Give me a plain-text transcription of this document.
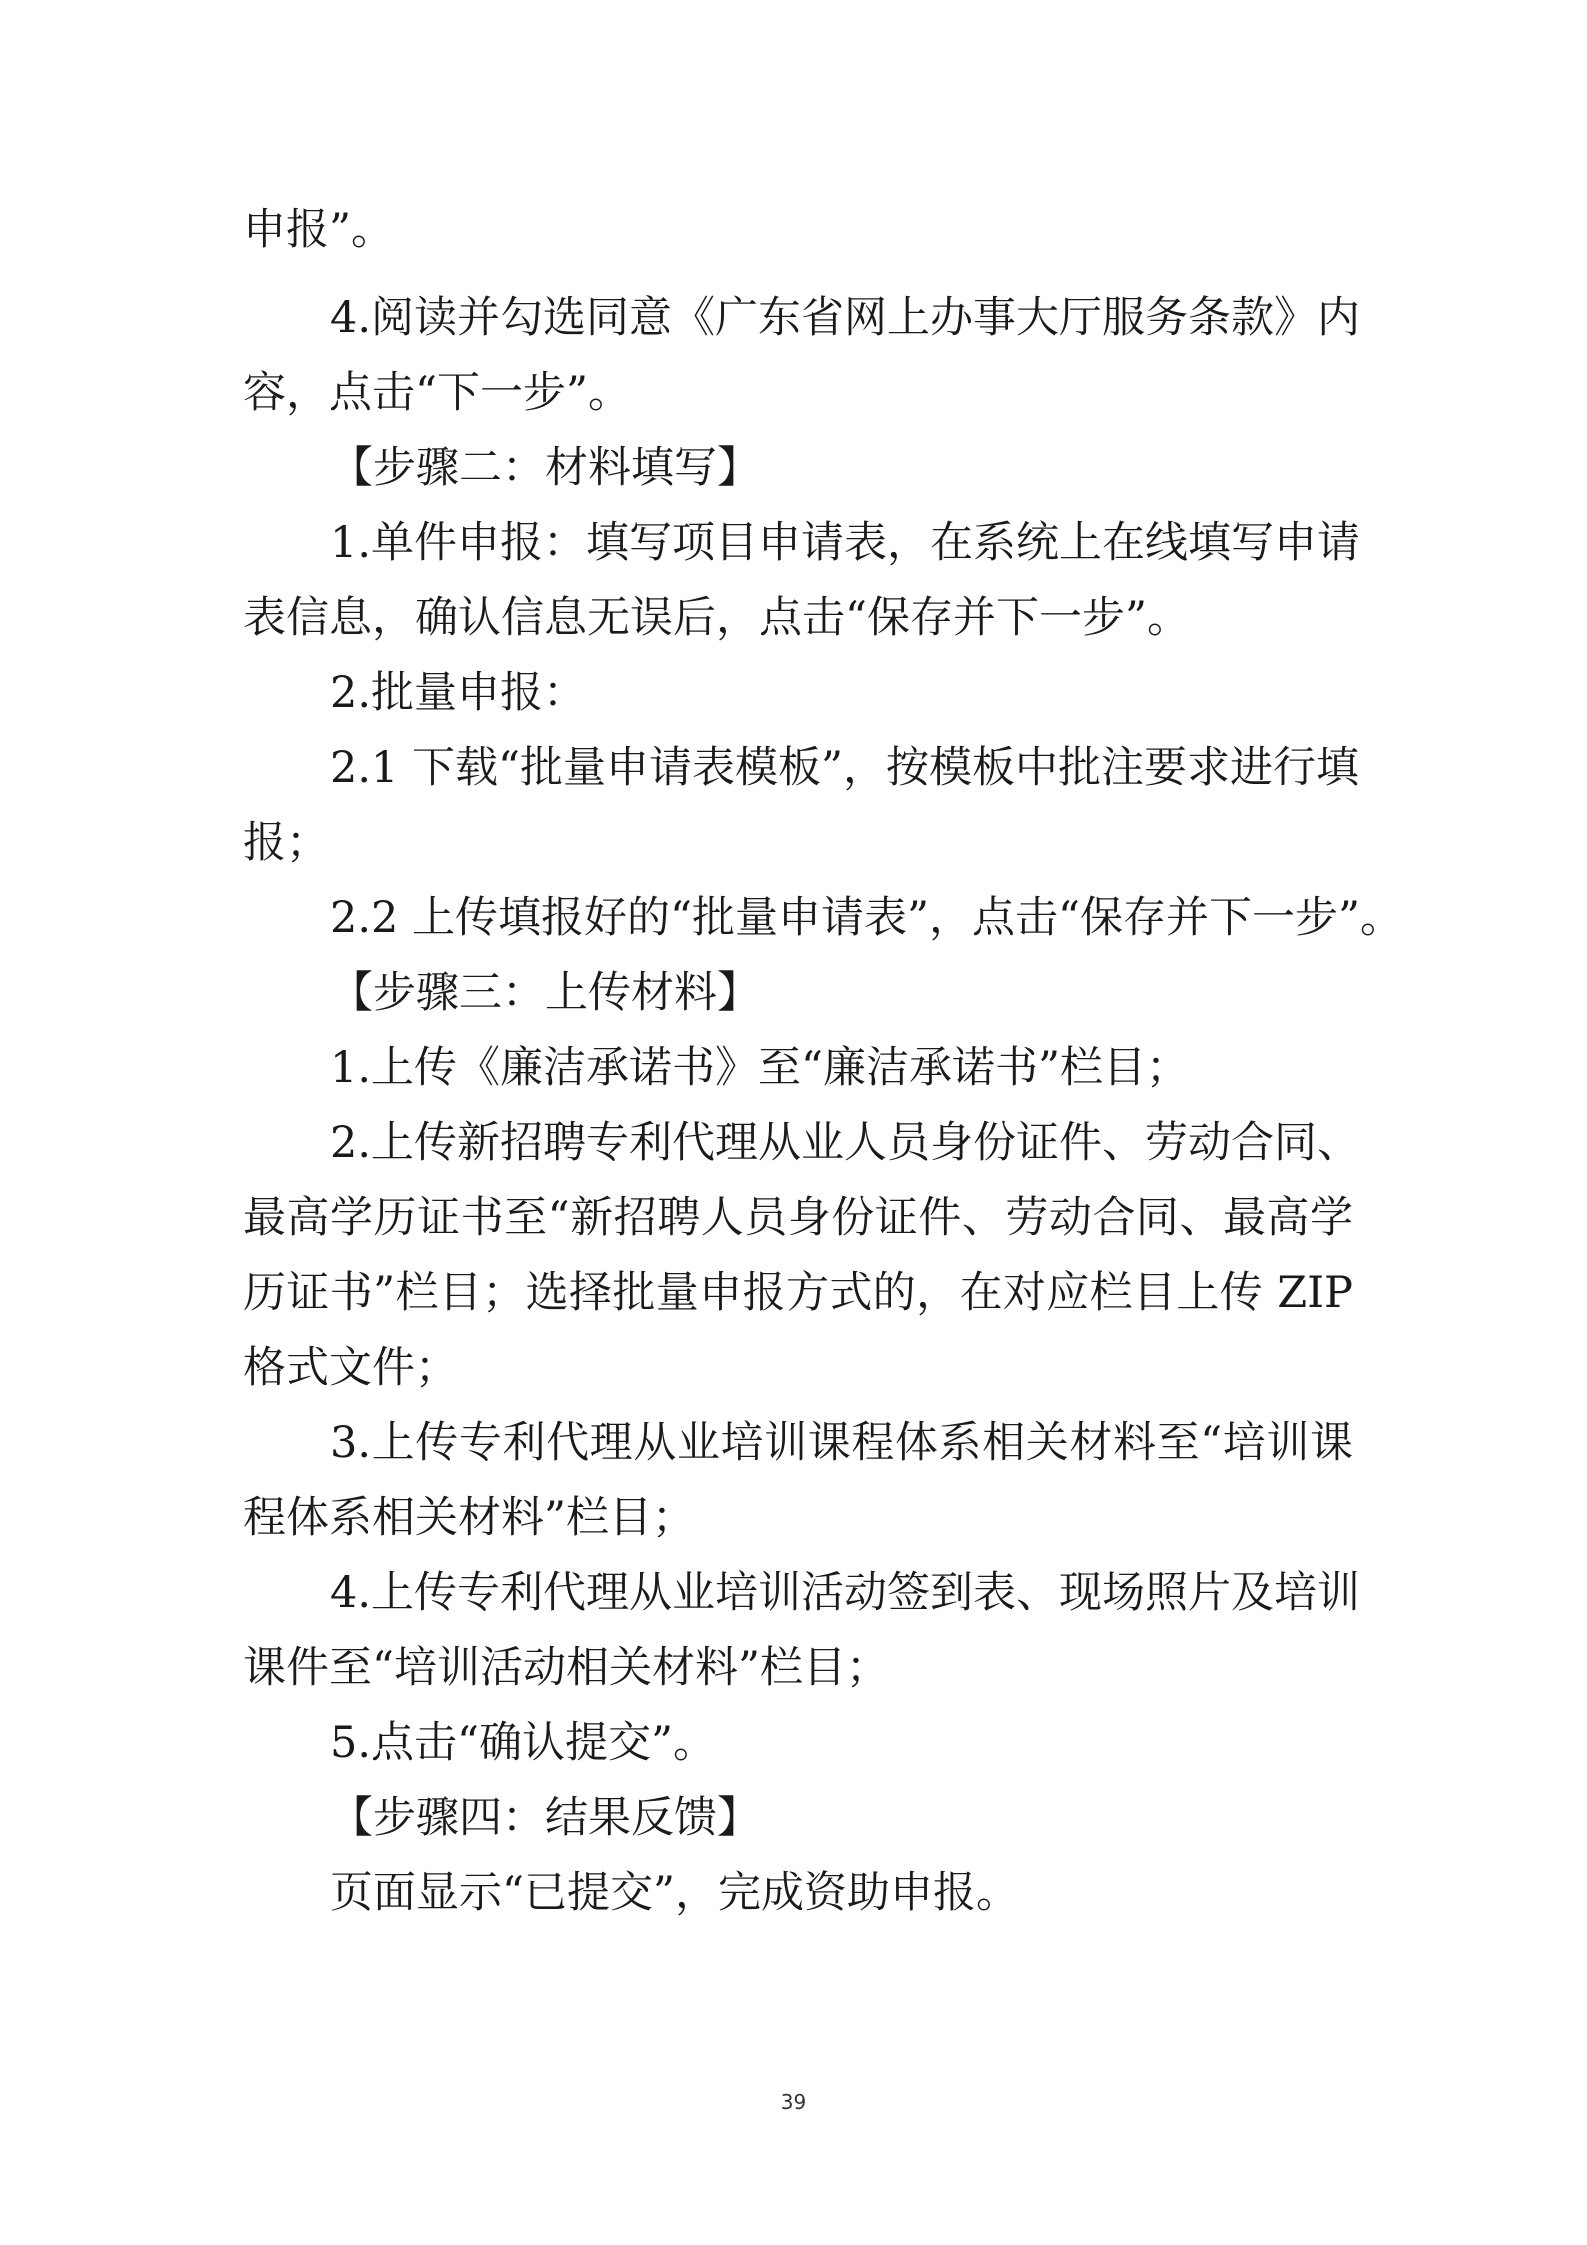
申报”。
4.阅读并勾选同意《广东省网上办事大厅服务条款》内
容，点击“下一步”。
【步骤二：材料填写】
1.单件申报：填写项目申请表，在系统上在线填写申请
表信息，确认信息无误后，点击“保存并下一步”。
2.批量申报：
2.1 下载“批量申请表模板”，按模板中批注要求进行填
报；
2.2 上传填报好的“批量申请表”，点击“保存并下一步”。
【步骤三：上传材料】
1.上传《廉洁承诺书》至“廉洁承诺书”栏目；
2.上传新招聘专利代理从业人员身份证件、劳动合同、
最高学历证书至“新招聘人员身份证件、劳动合同、最高学
历证书”栏目；选择批量申报方式的，在对应栏目上传 ZIP
格式文件；
3.上传专利代理从业培训课程体系相关材料至“培训课
程体系相关材料”栏目；
4.上传专利代理从业培训活动签到表、现场照片及培训
课件至“培训活动相关材料”栏目；
5.点击“确认提交”。
【步骤四：结果反馈】
页面显示“已提交”，完成资助申报。
39
